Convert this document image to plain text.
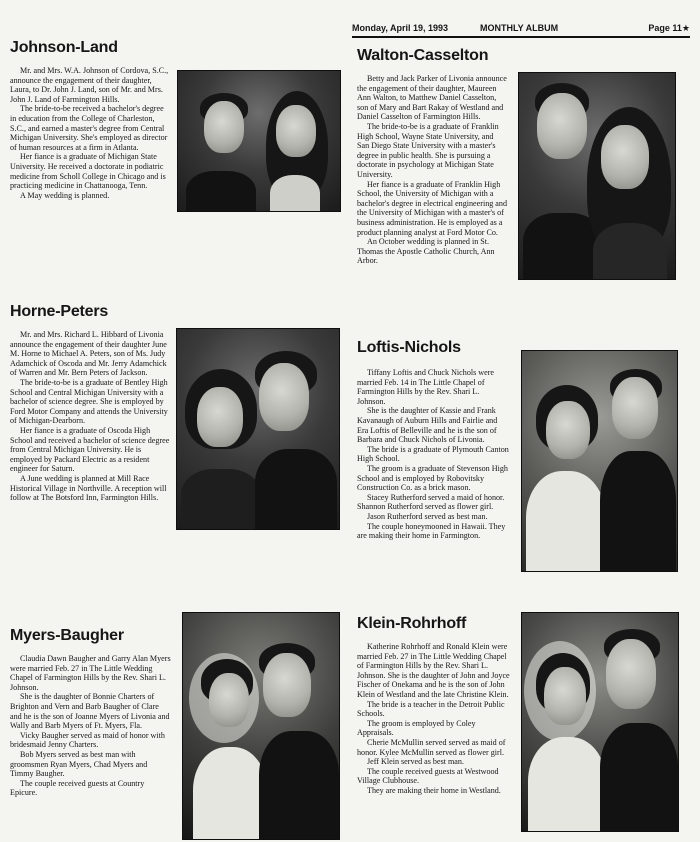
Monday, April 19, 1993	MONTHLY ALBUM	Page 11★
Johnson-Land

Mr. and Mrs. W.A. Johnson of Cordova, S.C., announce the engagement of their daughter, Laura, to Dr. John J. Land, son of Mr. and Mrs. John J. Land of Farmington Hills.

The bride-to-be received a bachelor's degree in education from the College of Charleston, S.C., and earned a master's degree from Central Michigan University. She's employed as director of human resources at a firm in Atlanta.

Her fiance is a graduate of Michigan State University. He received a doctorate in podiatric medicine from Scholl College in Chicago and is practicing medicine in Chattanooga, Tenn.

A May wedding is planned.

Walton-Casselton

Betty and Jack Parker of Livonia announce the engagement of their daughter, Maureen Ann Walton, to Matthew Daniel Casselton, son of Mary and Bart Rakay of Westland and Daniel Casselton of Farmington Hills.

The bride-to-be is a graduate of Franklin High School, Wayne State University, and San Diego State University with a master's degree in public health. She is pursuing a doctorate in psychology at Michigan State University.

Her fiance is a graduate of Franklin High School, the University of Michigan with a bachelor's degree in electrical engineering and the University of Michigan with a master's of business administration. He is employed as a product planning analyst at Ford Motor Co.

An October wedding is planned in St. Thomas the Apostle Catholic Church, Ann Arbor.

Horne-Peters

Mr. and Mrs. Richard L. Hibbard of Livonia announce the engagement of their daughter June M. Horne to Michael A. Peters, son of Ms. Judy Adamchick of Oscoda and Mr. Jerry Adamchick of Warren and Mr. Bern Peters of Jackson.

The bride-to-be is a graduate of Bentley High School and Central Michigan University with a bachelor of science degree. She is employed by Ford Motor Company and attends the University of Michigan-Dearborn.

Her fiance is a graduate of Oscoda High School and received a bachelor of science degree from Central Michigan University. He is employed by Packard Electric as a resident engineer for Saturn.

A June wedding is planned at Mill Race Historical Village in Northville. A reception will follow at The Botsford Inn, Farmington Hills.

Loftis-Nichols

Tiffany Loftis and Chuck Nichols were married Feb. 14 in The Little Chapel of Farmington Hills by the Rev. Shari L. Johnson.

She is the daughter of Kassie and Frank Kavanaugh of Auburn Hills and Fairlie and Era Loftis of Belleville and he is the son of Barbara and Chuck Nichols of Livonia.

The bride is a graduate of Plymouth Canton High School.

The groom is a graduate of Stevenson High School and is employed by Robovitsky Construction Co. as a brick mason.

Stacey Rutherford served a maid of honor. Shannon Rutherford served as flower girl.

Jason Rutherford served as best man.

The couple honeymooned in Hawaii. They are making their home in Farmington.

Myers-Baugher

Claudia Dawn Baugher and Garry Alan Myers were married Feb. 27 in The Little Wedding Chapel of Farmington Hills by the Rev. Shari L. Johnson.

She is the daughter of Bonnie Charters of Brighton and Vern and Barb Baugher of Clare and he is the son of Joanne Myers of Livonia and Wally and Barb Myers of Ft. Myers, Fla.

Vicky Baugher served as maid of honor with bridesmaid Jenny Charters.

Bob Myers served as best man with groomsmen Ryan Myers, Chad Myers and Timmy Baugher.

The couple received guests at Country Epicure.

Klein-Rohrhoff

Katherine Rohrhoff and Ronald Klein were married Feb. 27 in The Little Wedding Chapel of Farmington Hills by the Rev. Shari L. Johnson. She is the daughter of John and Joyce Fischer of Onekama and he is the son of John Klein of Westland and the late Christine Klein.

The bride is a teacher in the Detroit Public Schools.

The groom is employed by Coley Appraisals.

Cherie McMullin served served as maid of honor. Kylee McMullin served as flower girl.

Jeff Klein served as best man.

The couple received guests at Westwood Village Clubhouse.

They are making their home in Westland.
